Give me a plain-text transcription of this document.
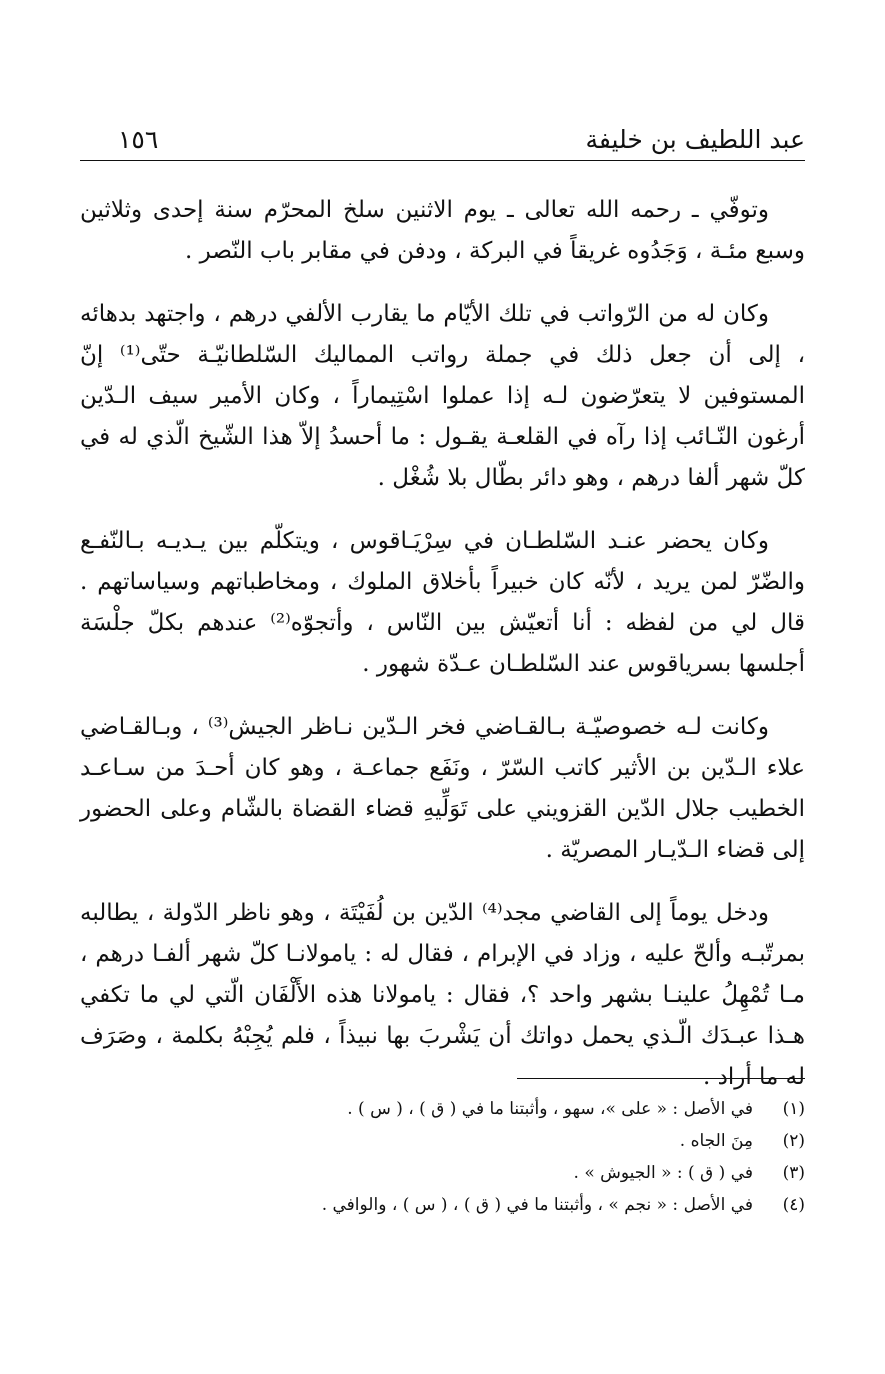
عبد اللطيف بن خليفة
١٥٦

وتوفّي ـ رحمه الله تعالى ـ يوم الاثنين سلخ المحرّم سنة إحدى وثلاثين وسبع مئـة ، وَجَدُوه غريقاً في البركة ، ودفن في مقابر باب النّصر .

وكان له من الرّواتب في تلك الأيّام ما يقارب الألفي درهم ، واجتهد بدهائه ، إلى أن جعل ذلك في جملة رواتب المماليك السّلطانيّـة حتّى⁽¹⁾ إنّ المستوفين لا يتعرّضون لـه إذا عملوا اسْتِيماراً ، وكان الأمير سيف الـدّين أرغون النّـائب إذا رآه في القلعـة يقـول : ما أحسدُ إلاّ هذا الشّيخ الّذي له في كلّ شهر ألفا درهم ، وهو دائر بطّال بلا شُغْل .

وكان يحضر عنـد السّلطـان في سِرْيَـاقوس ، ويتكلّم بين يـديـه بـالنّفـع والضّرّ لمن يريد ، لأنّه كان خبيراً بأخلاق الملوك ، ومخاطباتهم وسياساتهم . قال لي من لفظه : أنا أتعيّش بين النّاس ، وأتجوّه⁽²⁾ عندهم بكلّ جلْسَة أجلسها بسرياقوس عند السّلطـان عـدّة شهور .

وكانت لـه خصوصيّـة بـالقـاضي فخر الـدّين نـاظر الجيش⁽³⁾ ، وبـالقـاضي علاء الـدّين بن الأثير كاتب السّرّ ، ونَفَع جماعـة ، وهو كان أحـدَ من سـاعـد الخطيب جلال الدّين القزويني على تَوَلِّيهِ قضاء القضاة بالشّام وعلى الحضور إلى قضاء الـدّيـار المصريّة .

ودخل يوماً إلى القاضي مجد⁽⁴⁾ الدّين بن لُفَيْتَة ، وهو ناظر الدّولة ، يطالبه بمرتّبـه وألحّ عليه ، وزاد في الإبرام ، فقال له : يامولانـا كلّ شهر ألفـا درهم ، مـا تُمْهِلُ علينـا بشهر واحد ؟، فقال : يامولانا هذه الأَلْفَان الّتي لي ما تكفي هـذا عبـدَك الّـذي يحمل دواتك أن يَشْربَ بها نبيذاً ، فلم يُجِبْهُ بكلمة ، وصَرَف له ما أراد .

(١)
في الأصل : « على »، سهو ، وأثبتنا ما في ( ق ) ، ( س ) .
(٢)
مِنَ الجاه .
(٣)
في ( ق ) : « الجيوش » .
(٤)
في الأصل : « نجم » ، وأثبتنا ما في ( ق ) ، ( س ) ، والوافي .
